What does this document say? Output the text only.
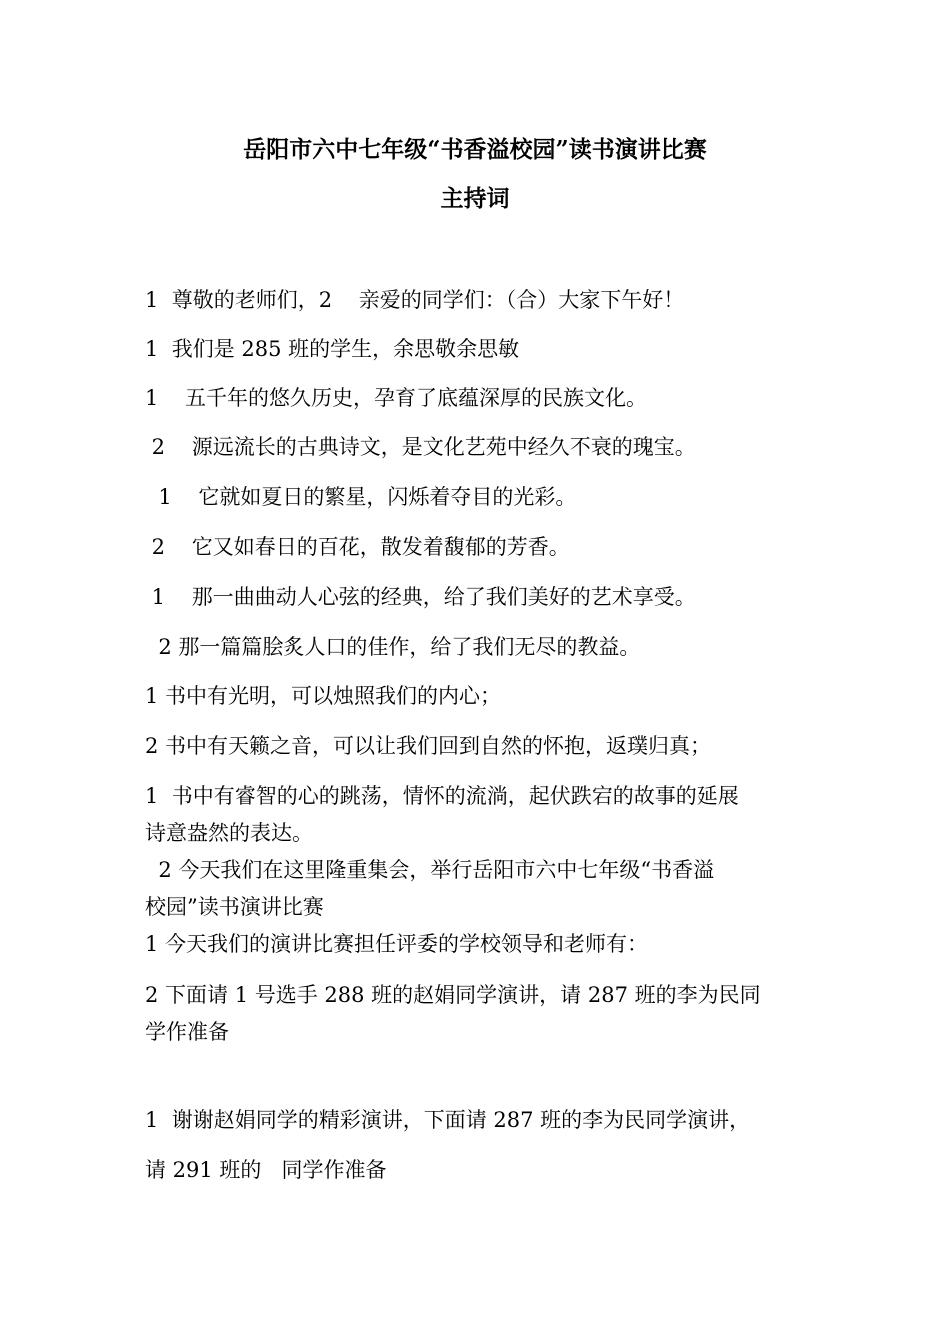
岳阳市六中七年级“书香溢校园”读书演讲比赛
主持词
1  尊敬的老师们，2    亲爱的同学们：（合）大家下午好！
1  我们是 285 班的学生，余思敬余思敏
1    五千年的悠久历史，孕育了底蕴深厚的民族文化。
2    源远流长的古典诗文，是文化艺苑中经久不衰的瑰宝。
1    它就如夏日的繁星，闪烁着夺目的光彩。
2    它又如春日的百花，散发着馥郁的芳香。
1    那一曲曲动人心弦的经典，给了我们美好的艺术享受。
2 那一篇篇脍炙人口的佳作，给了我们无尽的教益。
1 书中有光明，可以烛照我们的内心；
2 书中有天籁之音，可以让我们回到自然的怀抱，返璞归真；
1  书中有睿智的心的跳荡，情怀的流淌，起伏跌宕的故事的延展
诗意盎然的表达。
2 今天我们在这里隆重集会，举行岳阳市六中七年级“书香溢
校园”读书演讲比赛
1 今天我们的演讲比赛担任评委的学校领导和老师有：
2 下面请 1 号选手 288 班的赵娟同学演讲，请 287 班的李为民同
学作准备
1  谢谢赵娟同学的精彩演讲，下面请 287 班的李为民同学演讲，
请 291 班的   同学作准备
